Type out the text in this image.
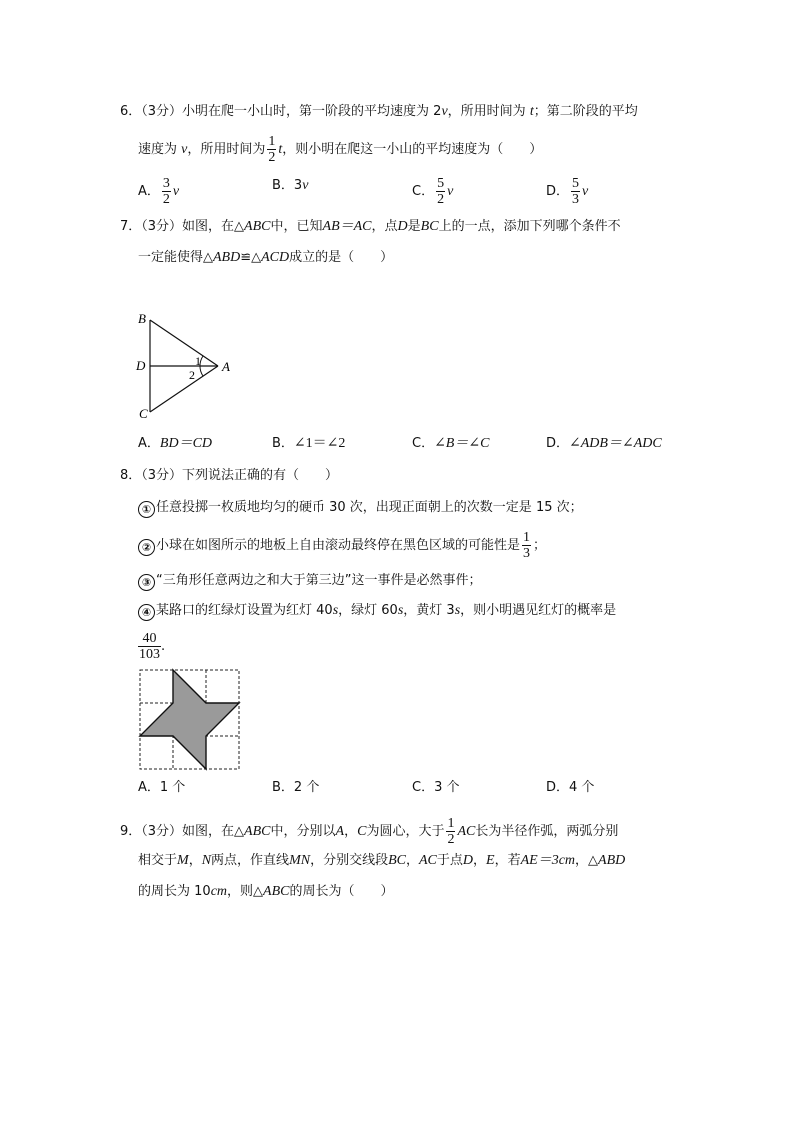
6．（3分）小明在爬一小山时，第一阶段的平均速度为 2v，所用时间为 t；第二阶段的平均
速度为 v，所用时间为 $\frac{1}{2}$ t，则小明在爬这一小山的平均速度为（　　）
A． $\frac{3}{2}$ v	B．3v	C． $\frac{5}{2}$ v	D． $\frac{5}{3}$ v
7．（3分）如图，在△ABC中，已知AB＝AC，点D是BC上的一点，添加下列哪个条件不
一定能使得△ABD≌△ACD成立的是（　　）
B
D
C
A
1
2
A．BD＝CD	B．∠1＝∠2	C．∠B＝∠C	D．∠ADB＝∠ADC
8．（3分）下列说法正确的有（　　）
① 任意投掷一枚质地均匀的硬币 30 次，出现正面朝上的次数一定是 15 次；
② 小球在如图所示的地板上自由滚动最终停在黑色区域的可能性是 $\frac{1}{3}$ ；
③ “三角形任意两边之和大于第三边”这一事件是必然事件；
④ 某路口的红绿灯设置为红灯 40s，绿灯 60s，黄灯 3s，则小明遇见红灯的概率是
$\frac{40}{103}$ .
A．1 个	B．2 个	C．3 个	D．4 个
9．（3分）如图，在△ABC中，分别以A，C为圆心，大于 $\frac{1}{2}$ AC长为半径作弧，两弧分别
相交于M，N两点，作直线MN，分别交线段BC，AC于点D，E，若AE＝3cm，△ABD
的周长为 10cm，则△ABC的周长为（　　）
